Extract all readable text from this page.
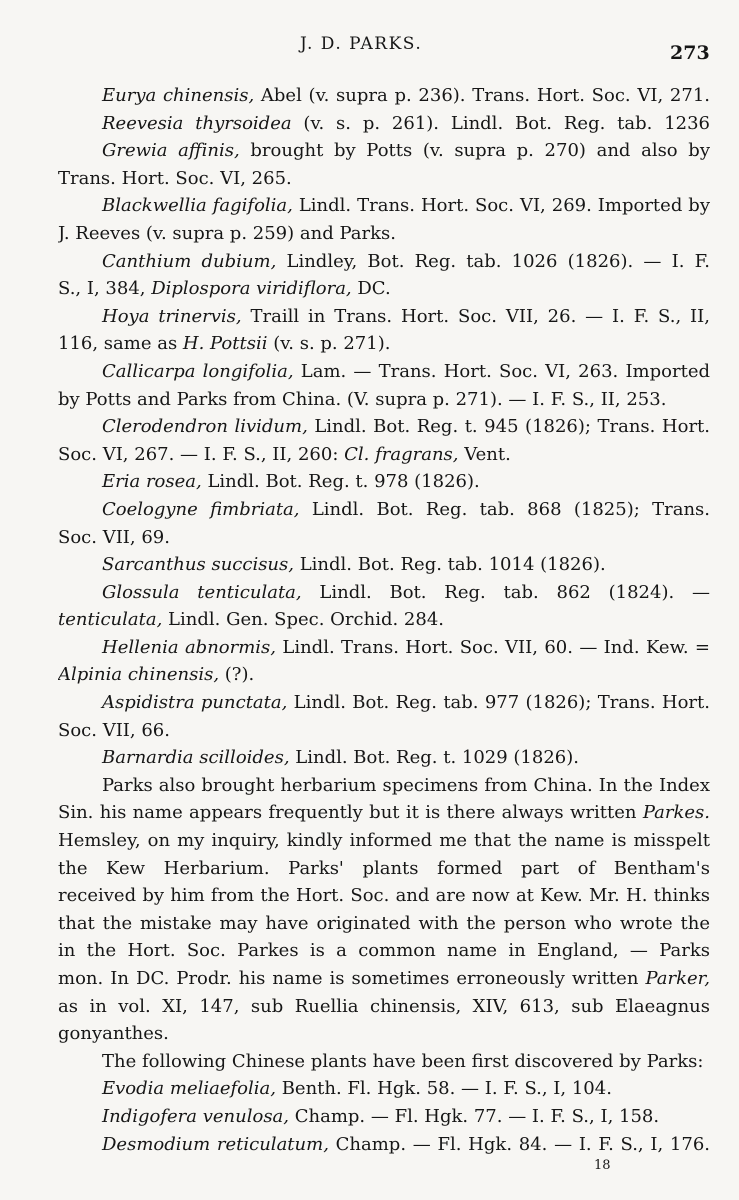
J. D. PARKS.	273
Eurya chinensis, Abel (v. supra p. 236). Trans. Hort. Soc. VI, 271.
Reevesia thyrsoidea (v. s. p. 261). Lindl. Bot. Reg. tab. 1236
Grewia affinis, brought by Potts (v. supra p. 270) and also by
Trans. Hort. Soc. VI, 265.
Blackwellia fagifolia, Lindl. Trans. Hort. Soc. VI, 269. Imported by
J. Reeves (v. supra p. 259) and Parks.
Canthium dubium, Lindley, Bot. Reg. tab. 1026 (1826). — I. F.
S., I, 384, Diplospora viridiflora, DC.
Hoya trinervis, Traill in Trans. Hort. Soc. VII, 26. — I. F. S., II,
116, same as H. Pottsii (v. s. p. 271).
Callicarpa longifolia, Lam. — Trans. Hort. Soc. VI, 263. Imported
by Potts and Parks from China. (V. supra p. 271). — I. F. S., II, 253.
Clerodendron lividum, Lindl. Bot. Reg. t. 945 (1826); Trans. Hort.
Soc. VI, 267. — I. F. S., II, 260: Cl. fragrans, Vent.
Eria rosea, Lindl. Bot. Reg. t. 978 (1826).
Coelogyne fimbriata, Lindl. Bot. Reg. tab. 868 (1825); Trans.
Soc. VII, 69.
Sarcanthus succisus, Lindl. Bot. Reg. tab. 1014 (1826).
Glossula tenticulata, Lindl. Bot. Reg. tab. 862 (1824). —
tenticulata, Lindl. Gen. Spec. Orchid. 284.
Hellenia abnormis, Lindl. Trans. Hort. Soc. VII, 60. — Ind. Kew. =
Alpinia chinensis, (?).
Aspidistra punctata, Lindl. Bot. Reg. tab. 977 (1826); Trans. Hort.
Soc. VII, 66.
Barnardia scilloides, Lindl. Bot. Reg. t. 1029 (1826).
Parks also brought herbarium specimens from China. In the Index
Sin. his name appears frequently but it is there always written Parkes.
Hemsley, on my inquiry, kindly informed me that the name is misspelt
the Kew Herbarium. Parks' plants formed part of Bentham's
received by him from the Hort. Soc. and are now at Kew. Mr. H. thinks
that the mistake may have originated with the person who wrote the
in the Hort. Soc. Parkes is a common name in England, — Parks
mon. In DC. Prodr. his name is sometimes erroneously written Parker,
as in vol. XI, 147, sub Ruellia chinensis, XIV, 613, sub Elaeagnus
gonyanthes.
The following Chinese plants have been first discovered by Parks:
Evodia meliaefolia, Benth. Fl. Hgk. 58. — I. F. S., I, 104.
Indigofera venulosa, Champ. — Fl. Hgk. 77. — I. F. S., I, 158.
Desmodium reticulatum, Champ. — Fl. Hgk. 84. — I. F. S., I, 176.
18
